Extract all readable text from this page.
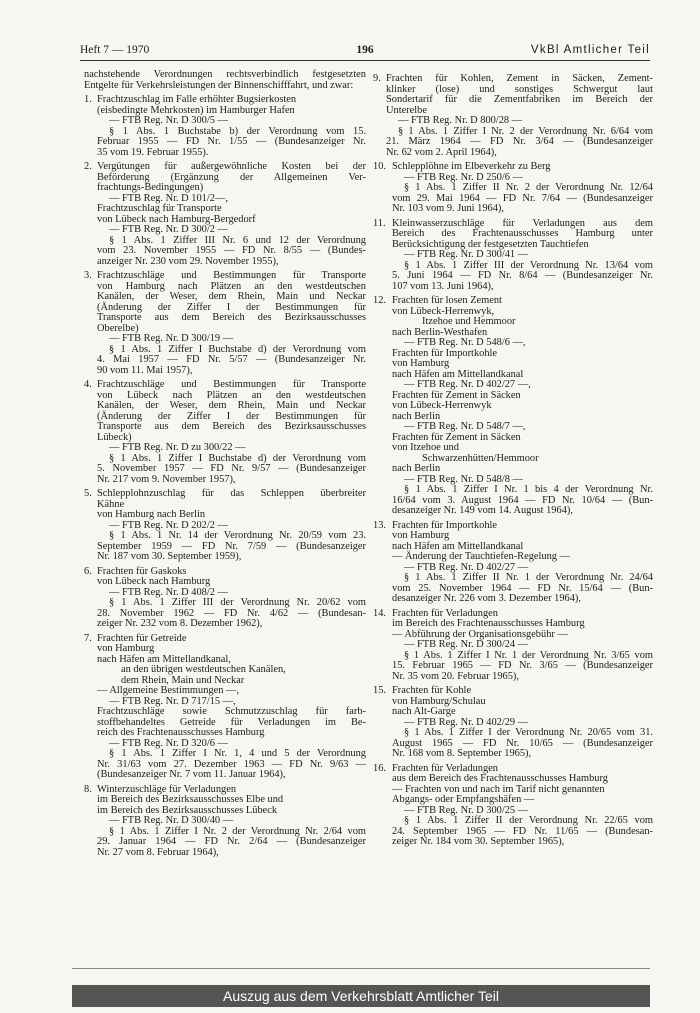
Heft 7 — 1970	196	VkBl Amtlicher Teil
nachstehende Verordnungen rechtsverbindlich festgesetzten Entgelte für Verkehrsleistungen der Binnenschifffahrt, und zwar:
1. Frachtzuschlag im Falle erhöhter Bugsierkosten
(eisbedingte Mehrkosten) im Hamburger Hafen
— FTB Reg. Nr. D 300/5 —
§ 1 Abs. 1 Buchstabe b) der Verordnung vom 15.
Februar 1955 — FD Nr. 1/55 — (Bundesanzeiger Nr.
35 vom 19. Februar 1955).
2. Vergütungen für außergewöhnliche Kosten bei der
Beförderung (Ergänzung der Allgemeinen Ver-
frachtungs-Bedingungen)
— FTB Reg. Nr. D 101/2—,
Frachtzuschlag für Transporte
von Lübeck nach Hamburg-Bergedorf
— FTB Reg. Nr. D 300/2 —
§ 1 Abs. 1 Ziffer III Nr. 6 und 12 der Verordnung
vom 23. November 1955 — FD Nr. 8/55 — (Bundes-
anzeiger Nr. 230 vom 29. November 1955),
3. Frachtzuschläge und Bestimmungen für Transporte
von Hamburg nach Plätzen an den westdeutschen
Kanälen, der Weser, dem Rhein, Main und Neckar
(Änderung der Ziffer I der Bestimmungen für
Transporte aus dem Bereich des Bezirksausschusses
Oberelbe)
— FTB Reg. Nr. D 300/19 —
§ 1 Abs. 1 Ziffer I Buchstabe d) der Verordnung vom
4. Mai 1957 — FD Nr. 5/57 — (Bundesanzeiger Nr.
90 vom 11. Mai 1957),
4. Frachtzuschläge und Bestimmungen für Transporte
von Lübeck nach Plätzen an den westdeutschen
Kanälen, der Weser, dem Rhein, Main und Neckar
(Änderung der Ziffer I der Bestimmungen für
Transporte aus dem Bereich des Bezirksausschusses
Lübeck)
— FTB Reg. Nr. D zu 300/22 —
§ 1 Abs. 1 Ziffer I Buchstabe d) der Verordnung vom
5. November 1957 — FD Nr. 9/57 — (Bundesanzeiger
Nr. 217 vom 9. November 1957),
5. Schlepplohnzuschlag für das Schleppen überbreiter
Kähne
von Hamburg nach Berlin
— FTB Reg. Nr. D 202/2 —
§ 1 Abs. 1 Nr. 14 der Verordnung Nr. 20/59 vom 23.
September 1959 — FD Nr. 7/59 — (Bundesanzeiger
Nr. 187 vom 30. September 1959),
6. Frachten für Gaskoks
von Lübeck nach Hamburg
— FTB Reg. Nr. D 408/2 —
§ 1 Abs. 1 Ziffer III der Verordnung Nr. 20/62 vom
28. November 1962 — FD Nr. 4/62 — (Bundesan-
zeiger Nr. 232 vom 8. Dezember 1962),
7. Frachten für Getreide
von Hamburg
nach Häfen am Mittellandkanal,
an den übrigen westdeutschen Kanälen,
dem Rhein, Main und Neckar
— Allgemeine Bestimmungen —,
— FTB Reg. Nr. D 717/15 —,
Frachtzuschläge sowie Schmutzzuschlag für farb-
stoffbehandeltes Getreide für Verladungen im Be-
reich des Frachtenausschusses Hamburg
— FTB Reg. Nr. D 320/6 —
§ 1 Abs. 1 Ziffer I Nr. 1, 4 und 5 der Verordnung
Nr. 31/63 vom 27. Dezember 1963 — FD Nr. 9/63 —
(Bundesanzeiger Nr. 7 vom 11. Januar 1964),
8. Winterzuschläge für Verladungen
im Bereich des Bezirksausschusses Elbe und
im Bereich des Bezirksausschusses Lübeck
— FTB Reg. Nr. D 300/40 —
§ 1 Abs. 1 Ziffer I Nr. 2 der Verordnung Nr. 2/64 vom
29. Januar 1964 — FD Nr. 2/64 — (Bundesanzeiger
Nr. 27 vom 8. Februar 1964),
9. Frachten für Kohlen, Zement in Säcken, Zement-
klinker (lose) und sonstiges Schwergut laut
Sondertarif für die Zementfabriken im Bereich der
Unterelbe
— FTB Reg. Nr. D 800/28 —
§ 1 Abs. 1 Ziffer I Nr. 2 der Verordnung Nr. 6/64 vom
21. März 1964 — FD Nr. 3/64 — (Bundesanzeiger
Nr. 62 vom 2. April 1964),
10. Schlepplöhne im Elbeverkehr zu Berg
— FTB Reg. Nr. D 250/6 —
§ 1 Abs. 1 Ziffer II Nr. 2 der Verordnung Nr. 12/64
vom 29. Mai 1964 — FD Nr. 7/64 — (Bundesanzeiger
Nr. 103 vom 9. Juni 1964),
11. Kleinwasserzuschläge für Verladungen aus dem
Bereich des Frachtenausschusses Hamburg unter
Berücksichtigung der festgesetzten Tauchtiefen
— FTB Reg. Nr. D 300/41 —
§ 1 Abs. 1 Ziffer III der Verordnung Nr. 13/64 vom
5. Juni 1964 — FD Nr. 8/64 — (Bundesanzeiger Nr.
107 vom 13. Juni 1964),
12. Frachten für losen Zement
von Lübeck-Herrenwyk,
Itzehoe und Hemmoor
nach Berlin-Westhafen
— FTB Reg. Nr. D 548/6 —,
Frachten für Importkohle
von Hamburg
nach Häfen am Mittellandkanal
— FTB Reg. Nr. D 402/27 —,
Frachten für Zement in Säcken
von Lübeck-Herrenwyk
nach Berlin
— FTB Reg. Nr. D 548/7 —,
Frachten für Zement in Säcken
von Itzehoe und
Schwarzenhütten/Hemmoor
nach Berlin
— FTB Reg. Nr. D 548/8 —
§ 1 Abs. 1 Ziffer I Nr. 1 bis 4 der Verordnung Nr.
16/64 vom 3. August 1964 — FD Nr. 10/64 — (Bun-
desanzeiger Nr. 149 vom 14. August 1964),
13. Frachten für Importkohle
von Hamburg
nach Häfen am Mittellandkanal
— Änderung der Tauchtiefen-Regelung —
— FTB Reg. Nr. D 402/27 —
§ 1 Abs. 1 Ziffer II Nr. 1 der Verordnung Nr. 24/64
vom 25. November 1964 — FD Nr. 15/64 — (Bun-
desanzeiger Nr. 226 vom 3. Dezember 1964),
14. Frachten für Verladungen
im Bereich des Frachtenausschusses Hamburg
— Abführung der Organisationsgebühr —
— FTB Reg. Nr. D 300/24 —
§ 1 Abs. 1 Ziffer I Nr. 1 der Verordnung Nr. 3/65 vom
15. Februar 1965 — FD Nr. 3/65 — (Bundesanzeiger
Nr. 35 vom 20. Februar 1965),
15. Frachten für Kohle
von Hamburg/Schulau
nach Alt-Garge
— FTB Reg. Nr. D 402/29 —
§ 1 Abs. 1 Ziffer I der Verordnung Nr. 20/65 vom 31.
August 1965 — FD Nr. 10/65 — (Bundesanzeiger
Nr. 168 vom 8. September 1965),
16. Frachten für Verladungen
aus dem Bereich des Frachtenausschusses Hamburg
— Frachten von und nach im Tarif nicht genannten
Abgangs- oder Empfangshäfen —
— FTB Reg. Nr. D 300/25 —
§ 1 Abs. 1 Ziffer II der Verordnung Nr. 22/65 vom
24. September 1965 — FD Nr. 11/65 — (Bundesan-
zeiger Nr. 184 vom 30. September 1965),
Auszug aus dem Verkehrsblatt Amtlicher Teil
